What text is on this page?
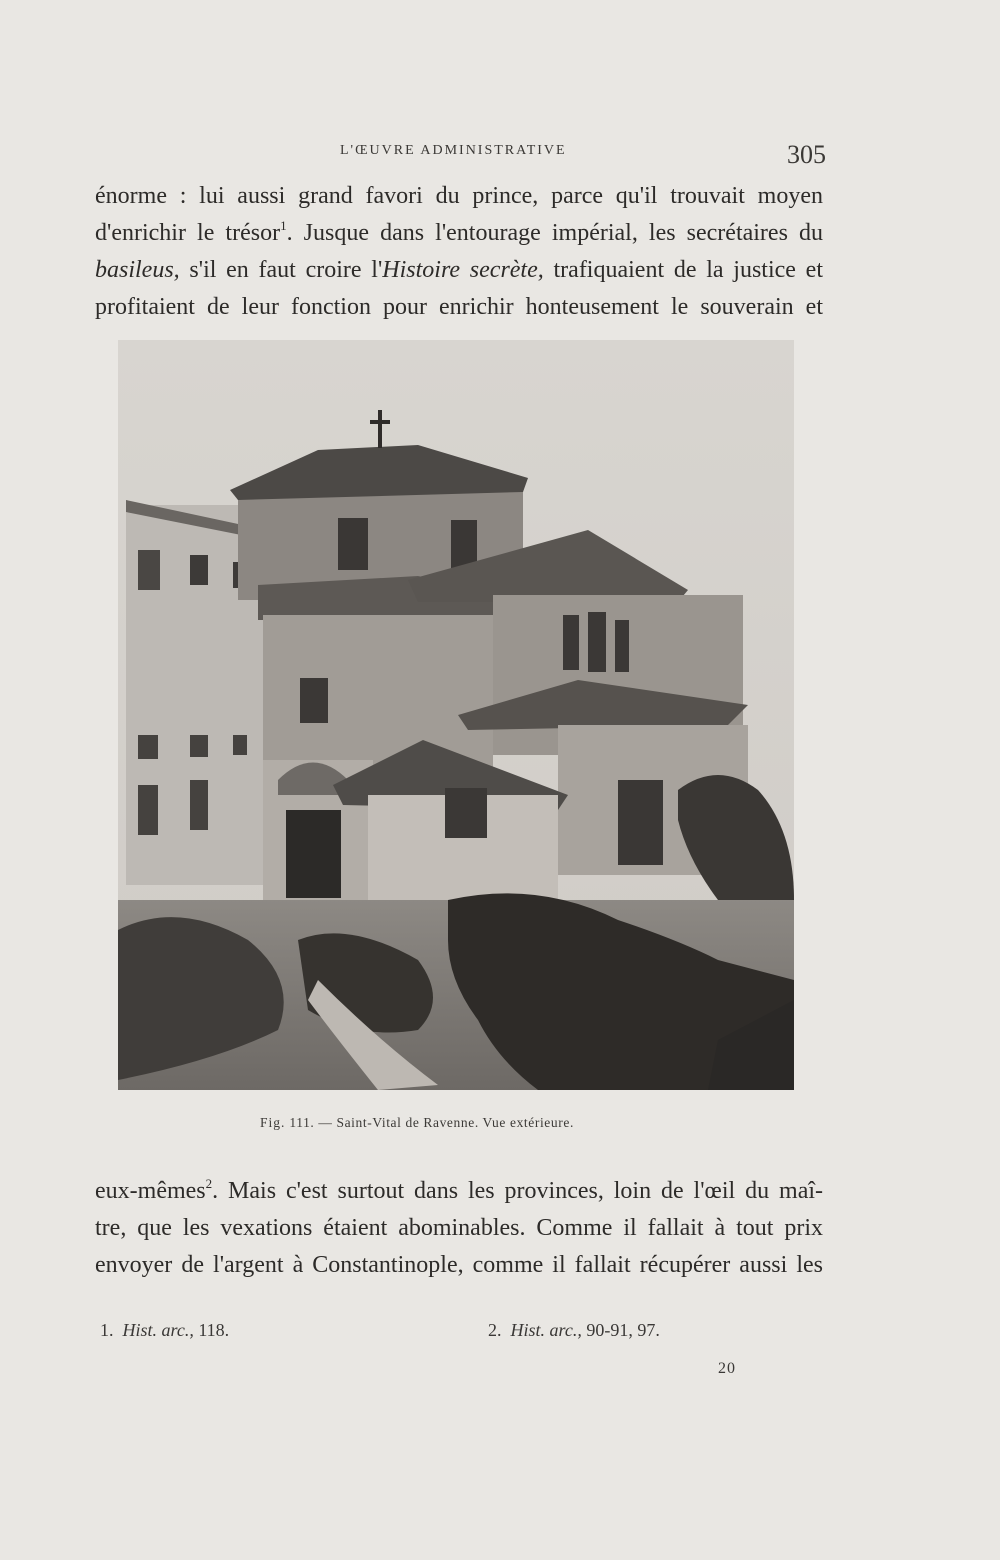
L'ŒUVRE ADMINISTRATIVE	305

énorme : lui aussi grand favori du prince, parce qu'il trouvait moyen

d'enrichir le trésor$^1$. Jusque dans l'entourage impérial, les secrétaires du

basileus, s'il en faut croire l'Histoire secrète, trafiquaient de la justice et

profitaient de leur fonction pour enrichir honteusement le souverain et

Fig. 111. — Saint-Vital de Ravenne. Vue extérieure.

eux-mêmes$^2$. Mais c'est surtout dans les provinces, loin de l'œil du maî-

tre, que les vexations étaient abominables. Comme il fallait à tout prix

envoyer de l'argent à Constantinople, comme il fallait récupérer aussi les

1. Hist. arc., 118.	2. Hist. arc., 90-91, 97.
20
